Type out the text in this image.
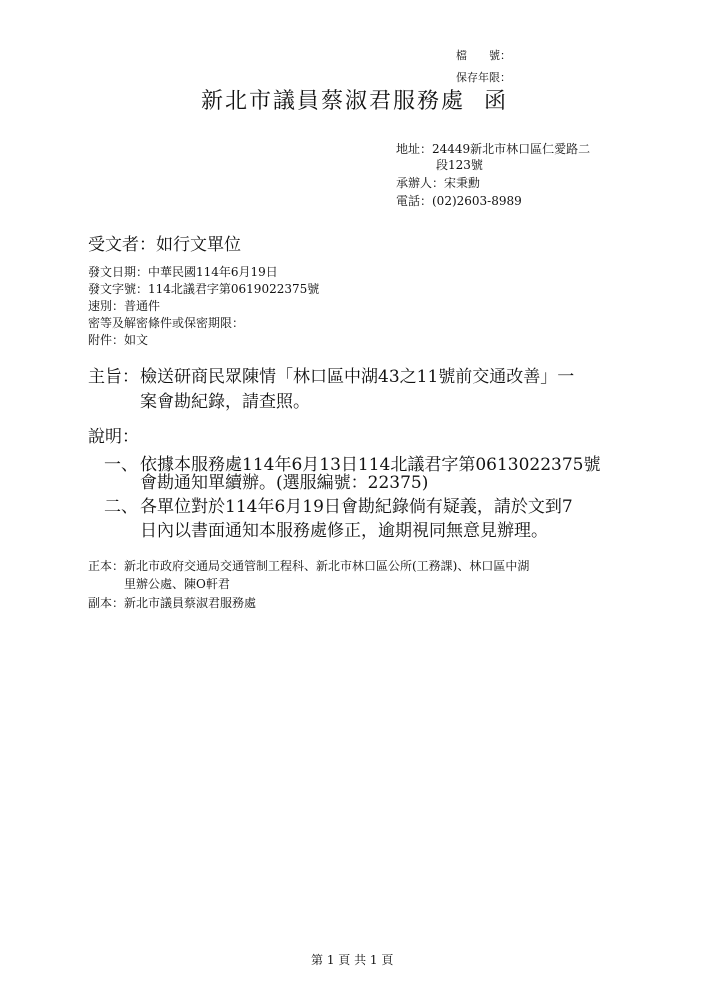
檔　　號：
保存年限：
新北市議員蔡淑君服務處 函
地址：24449新北市林口區仁愛路二
段123號
承辦人：宋秉勳
電話：(02)2603-8989
受文者：如行文單位
發文日期：中華民國114年6月19日
發文字號：114北議君字第0619022375號
速別：普通件
密等及解密條件或保密期限：
附件：如文
主旨： 檢送研商民眾陳情「林口區中湖43之11號前交通改善」一
案會勘紀錄，請查照。
說明：
一、 依據本服務處114年6月13日114北議君字第0613022375號
會勘通知單續辦。(選服編號：22375)
二、 各單位對於114年6月19日會勘紀錄倘有疑義，請於文到7
日內以書面通知本服務處修正，逾期視同無意見辦理。
正本：新北市政府交通局交通管制工程科、新北市林口區公所(工務課)、林口區中湖
里辦公處、陳O軒君
副本：新北市議員蔡淑君服務處
第 1 頁 共 1 頁
